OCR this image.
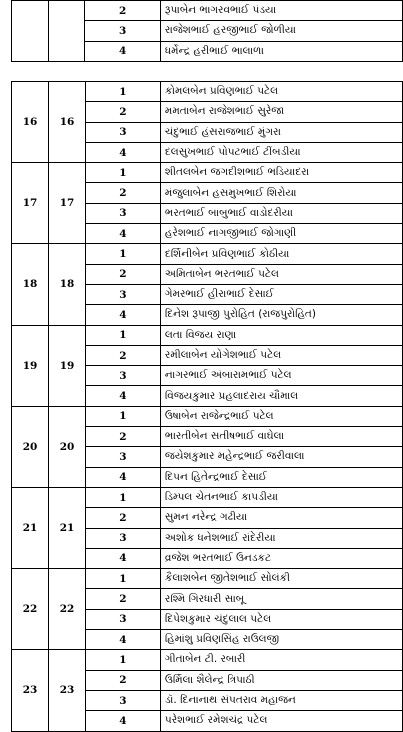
		2	રૂપાબેન ભાગરવભાઈ પંડયા
		3	રાજેશભાઈ હરજીભાઈ જોળીયા
		4	ધર્મેન્દ્ર હરીભાઈ ભાલાળા
16	16	1	કોમલબેન પ્રવિણભાઈ પટેલ
		2	મમતાબેન રાજેશભાઈ સુરેજા
		3	ચંદુભાઈ હંસરાજભાઈ મુંગરા
		4	દલસુખભાઈ પોપટભાઈ ટીંબડીયા
17	17	1	શીતલબેન જગદીશભાઈ ભડિયાદરા
		2	મંજુલાબેન હસમુખભાઈ શિરોયા
		3	ભરતભાઈ બાબુભાઈ વાડોદરીયા
		4	હરેશભાઈ નાગજીભાઈ જોગાણી
18	18	1	દર્શિનીબેન પ્રવિણભાઈ કોઠીયા
		2	અમિતાબેન ભરતભાઈ પટેલ
		3	ગેમરભાઈ હીરાભાઈ દેસાઈ
		4	દિનેશ રૂપાજી પુરોહિત (રાજપુરોહિત)
19	19	1	લતા વિજય રાણા
		2	રમીલાબેન યોગેશભાઈ પટેલ
		3	નાગરભાઈ અંબારામભાઈ પટેલ
		4	વિજયકુમાર પ્રહલાદરાય ચૌમાલ
20	20	1	ઉષાબેન રાજેન્દ્રભાઈ પટેલ
		2	ભારતીબેન સતીષભાઈ વાઘેલા
		3	જયેશકુમાર મહેન્દ્રભાઈ જરીવાલા
		4	દિપન હિતેન્દ્રભાઈ દેસાઈ
21	21	1	ડિમ્પલ ચેતનભાઈ કાપડીયા
		2	સુમન નરેન્દ્ર ગઢીયા
		3	અશોક ધનેશભાઈ રાંદેરીયા
		4	વ્રજેશ ભરતભાઈ ઉનડકટ
22	22	1	કૈલાશબેન જીતેશભાઈ સોલંકી
		2	રશ્મિ ગિરધારી સાબૂ
		3	દિપેશકુમાર ચંદુલાલ પટેલ
		4	હિમાંશુ પ્રવિણસિંહ રાઉલજી
23	23	1	ગીતાબેન ટી. રબારી
		2	ઉર્મિલા શૈલેન્દ્ર ત્રિપાઠી
		3	ડૉ. દિનાનાથ સંપતરાવ મહાજન
		4	પરેશભાઈ રમેશચંદ્ર પટેલ
